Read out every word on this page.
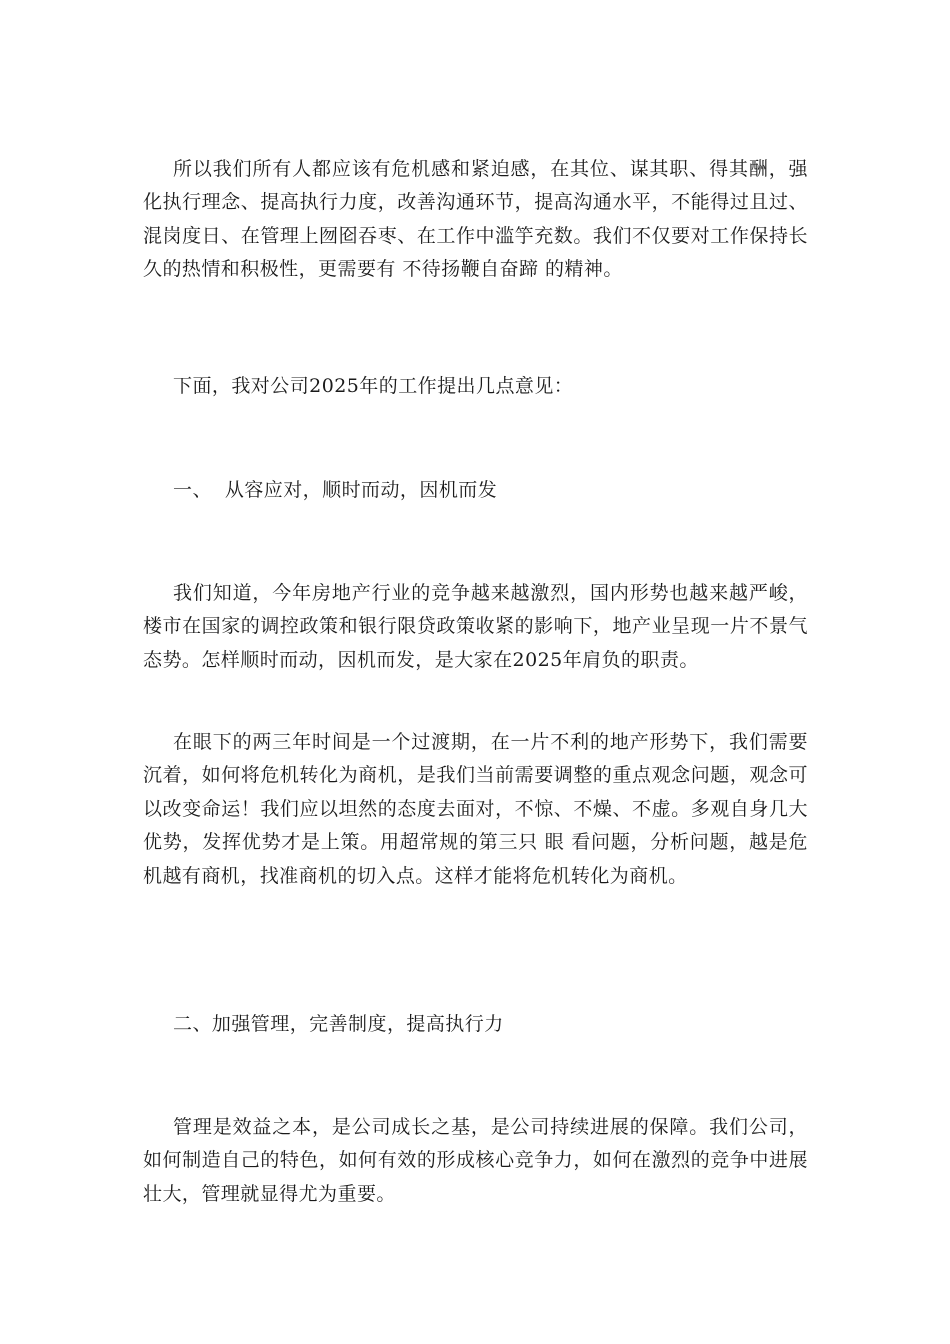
所以我们所有人都应该有危机感和紧迫感，在其位、谋其职、得其酬，强化执行理念、提高执行力度，改善沟通环节，提高沟通水平，不能得过且过、混岗度日、在管理上囫囵吞枣、在工作中滥竽充数。我们不仅要对工作保持长久的热情和积极性，更需要有 不待扬鞭自奋蹄 的精神。

下面，我对公司2025年的工作提出几点意见：

一、  从容应对，顺时而动，因机而发

我们知道，今年房地产行业的竞争越来越激烈，国内形势也越来越严峻，楼市在国家的调控政策和银行限贷政策收紧的影响下，地产业呈现一片不景气态势。怎样顺时而动，因机而发，是大家在2025年肩负的职责。

在眼下的两三年时间是一个过渡期，在一片不利的地产形势下，我们需要沉着，如何将危机转化为商机，是我们当前需要调整的重点观念问题，观念可以改变命运！我们应以坦然的态度去面对，不惊、不燥、不虚。多观自身几大优势，发挥优势才是上策。用超常规的第三只 眼 看问题，分析问题，越是危机越有商机，找准商机的切入点。这样才能将危机转化为商机。

二、加强管理，完善制度，提高执行力

管理是效益之本，是公司成长之基，是公司持续进展的保障。我们公司，如何制造自己的特色，如何有效的形成核心竞争力，如何在激烈的竞争中进展壮大，管理就显得尤为重要。
